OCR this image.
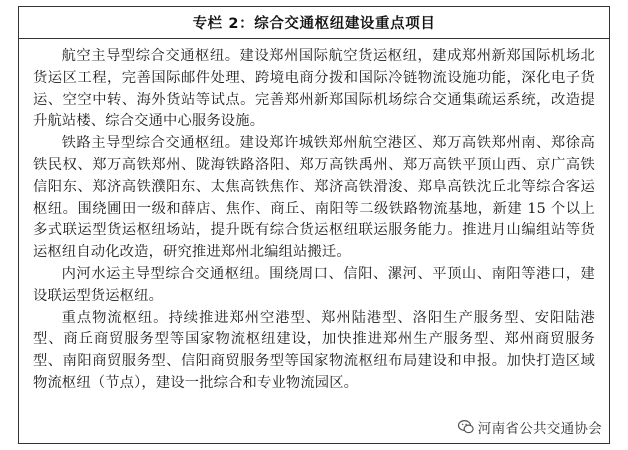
专栏 2：综合交通枢纽建设重点项目

航空主导型综合交通枢纽。建设郑州国际航空货运枢纽，建成郑州新郑国际机场北货运区工程，完善国际邮件处理、跨境电商分拨和国际冷链物流设施功能，深化电子货运、空空中转、海外货站等试点。完善郑州新郑国际机场综合交通集疏运系统，改造提升航站楼、综合交通中心服务设施。

铁路主导型综合交通枢纽。建设郑许城铁郑州航空港区、郑万高铁郑州南、郑徐高铁民权、郑万高铁郑州、陇海铁路洛阳、郑万高铁禹州、郑万高铁平顶山西、京广高铁信阳东、郑济高铁濮阳东、太焦高铁焦作、郑济高铁滑浚、郑阜高铁沈丘北等综合客运枢纽。围绕圃田一级和薛店、焦作、商丘、南阳等二级铁路物流基地，新建 15 个以上多式联运型货运枢纽场站，提升既有综合货运枢纽联运服务能力。推进月山编组站等货运枢纽自动化改造，研究推进郑州北编组站搬迁。

内河水运主导型综合交通枢纽。围绕周口、信阳、漯河、平顶山、南阳等港口，建设联运型货运枢纽。

重点物流枢纽。持续推进郑州空港型、郑州陆港型、洛阳生产服务型、安阳陆港型、商丘商贸服务型等国家物流枢纽建设，加快推进郑州生产服务型、郑州商贸服务型、南阳商贸服务型、信阳商贸服务型等国家物流枢纽布局建设和申报。加快打造区域物流枢纽（节点），建设一批综合和专业物流园区。

河南省公共交通协会
